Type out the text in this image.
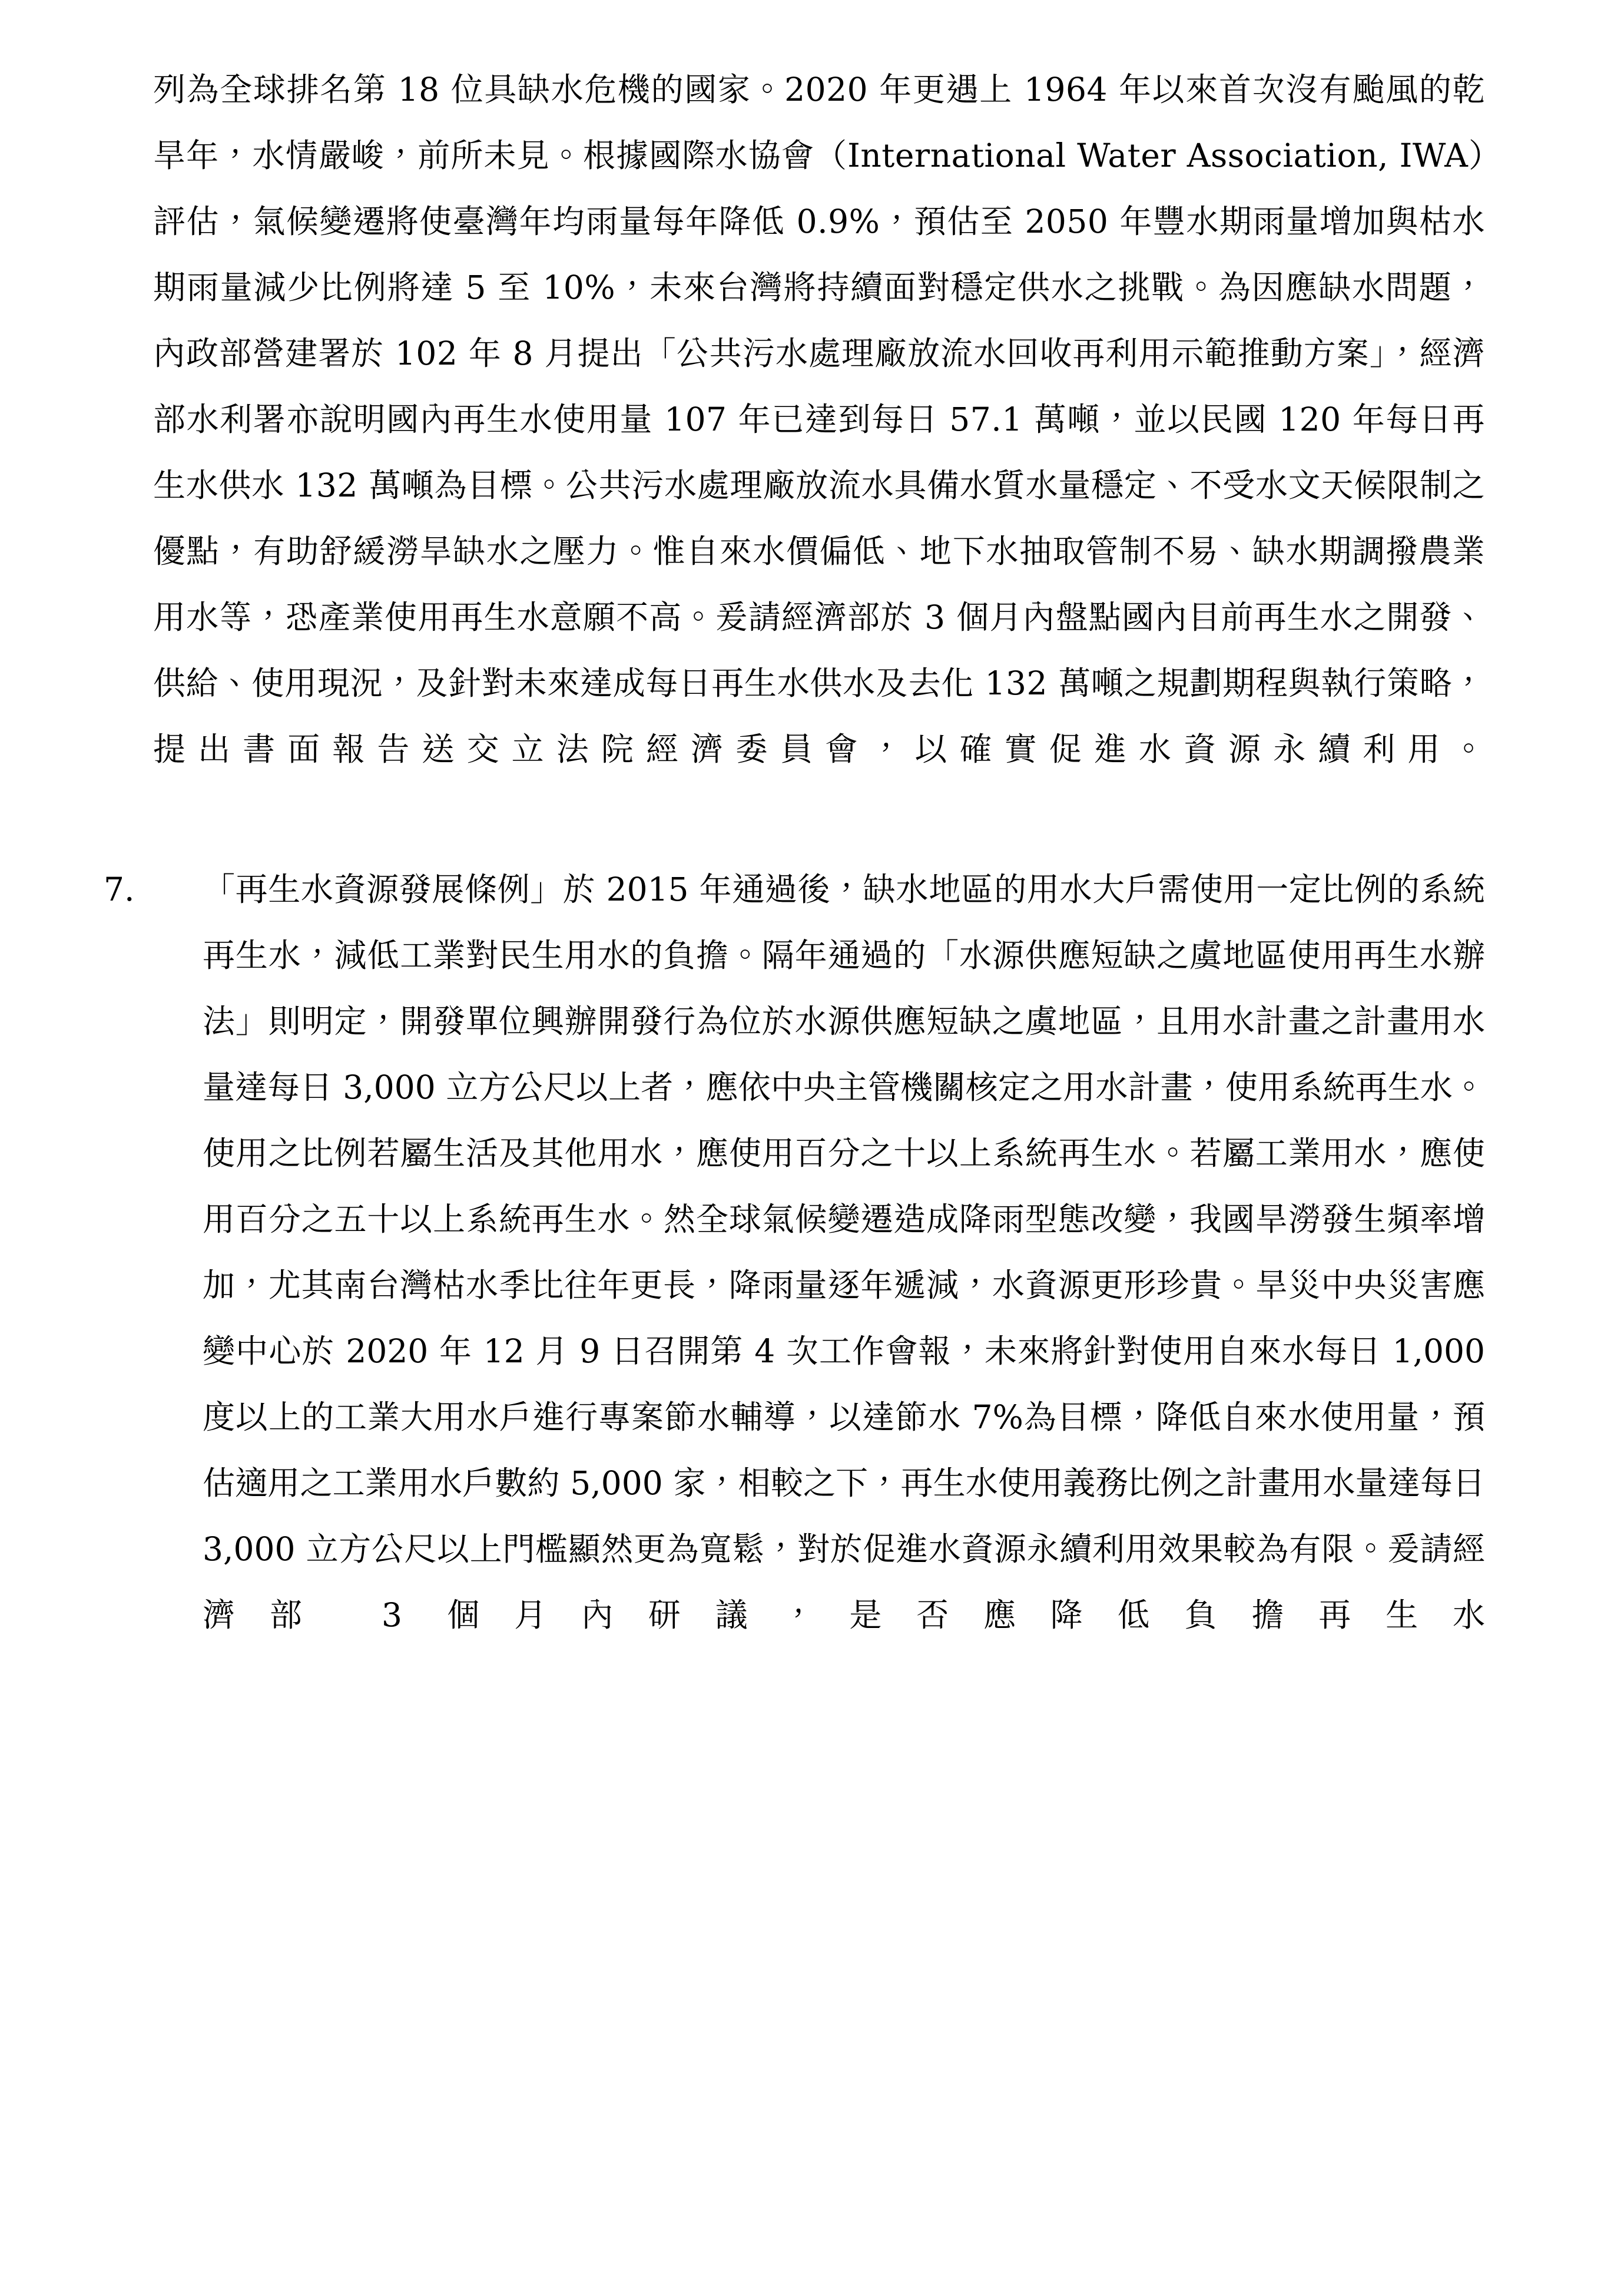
列為全球排名第 18 位具缺水危機的國家。2020 年更遇上 1964 年以來首次沒有颱風的乾旱年，水情嚴峻，前所未見。根據國際水協會（International Water Association, IWA）評估，氣候變遷將使臺灣年均雨量每年降低 0.9%，預估至 2050 年豐水期雨量增加與枯水期雨量減少比例將達 5 至 10%，未來台灣將持續面對穩定供水之挑戰。為因應缺水問題，內政部營建署於 102 年 8 月提出「公共污水處理廠放流水回收再利用示範推動方案」，經濟部水利署亦說明國內再生水使用量 107 年已達到每日 57.1 萬噸，並以民國 120 年每日再生水供水 132 萬噸為目標。公共污水處理廠放流水具備水質水量穩定、不受水文天候限制之優點，有助舒緩澇旱缺水之壓力。惟自來水價偏低、地下水抽取管制不易、缺水期調撥農業用水等，恐產業使用再生水意願不高。爰請經濟部於 3 個月內盤點國內目前再生水之開發、供給、使用現況，及針對未來達成每日再生水供水及去化 132 萬噸之規劃期程與執行策略，提出書面報告送交立法院經濟委員會，以確實促進水資源永續利用。

7.	「再生水資源發展條例」於 2015 年通過後，缺水地區的用水大戶需使用一定比例的系統再生水，減低工業對民生用水的負擔。隔年通過的「水源供應短缺之虞地區使用再生水辦法」則明定，開發單位興辦開發行為位於水源供應短缺之虞地區，且用水計畫之計畫用水量達每日 3,000 立方公尺以上者，應依中央主管機關核定之用水計畫，使用系統再生水。使用之比例若屬生活及其他用水，應使用百分之十以上系統再生水。若屬工業用水，應使用百分之五十以上系統再生水。然全球氣候變遷造成降雨型態改變，我國旱澇發生頻率增加，尤其南台灣枯水季比往年更長，降雨量逐年遞減，水資源更形珍貴。旱災中央災害應變中心於 2020 年 12 月 9 日召開第 4 次工作會報，未來將針對使用自來水每日 1,000 度以上的工業大用水戶進行專案節水輔導，以達節水 7%為目標，降低自來水使用量，預估適用之工業用水戶數約 5,000 家，相較之下，再生水使用義務比例之計畫用水量達每日 3,000 立方公尺以上門檻顯然更為寬鬆，對於促進水資源永續利用效果較為有限。爰請經濟部 3 個月內研議，是否應降低負擔再生水
